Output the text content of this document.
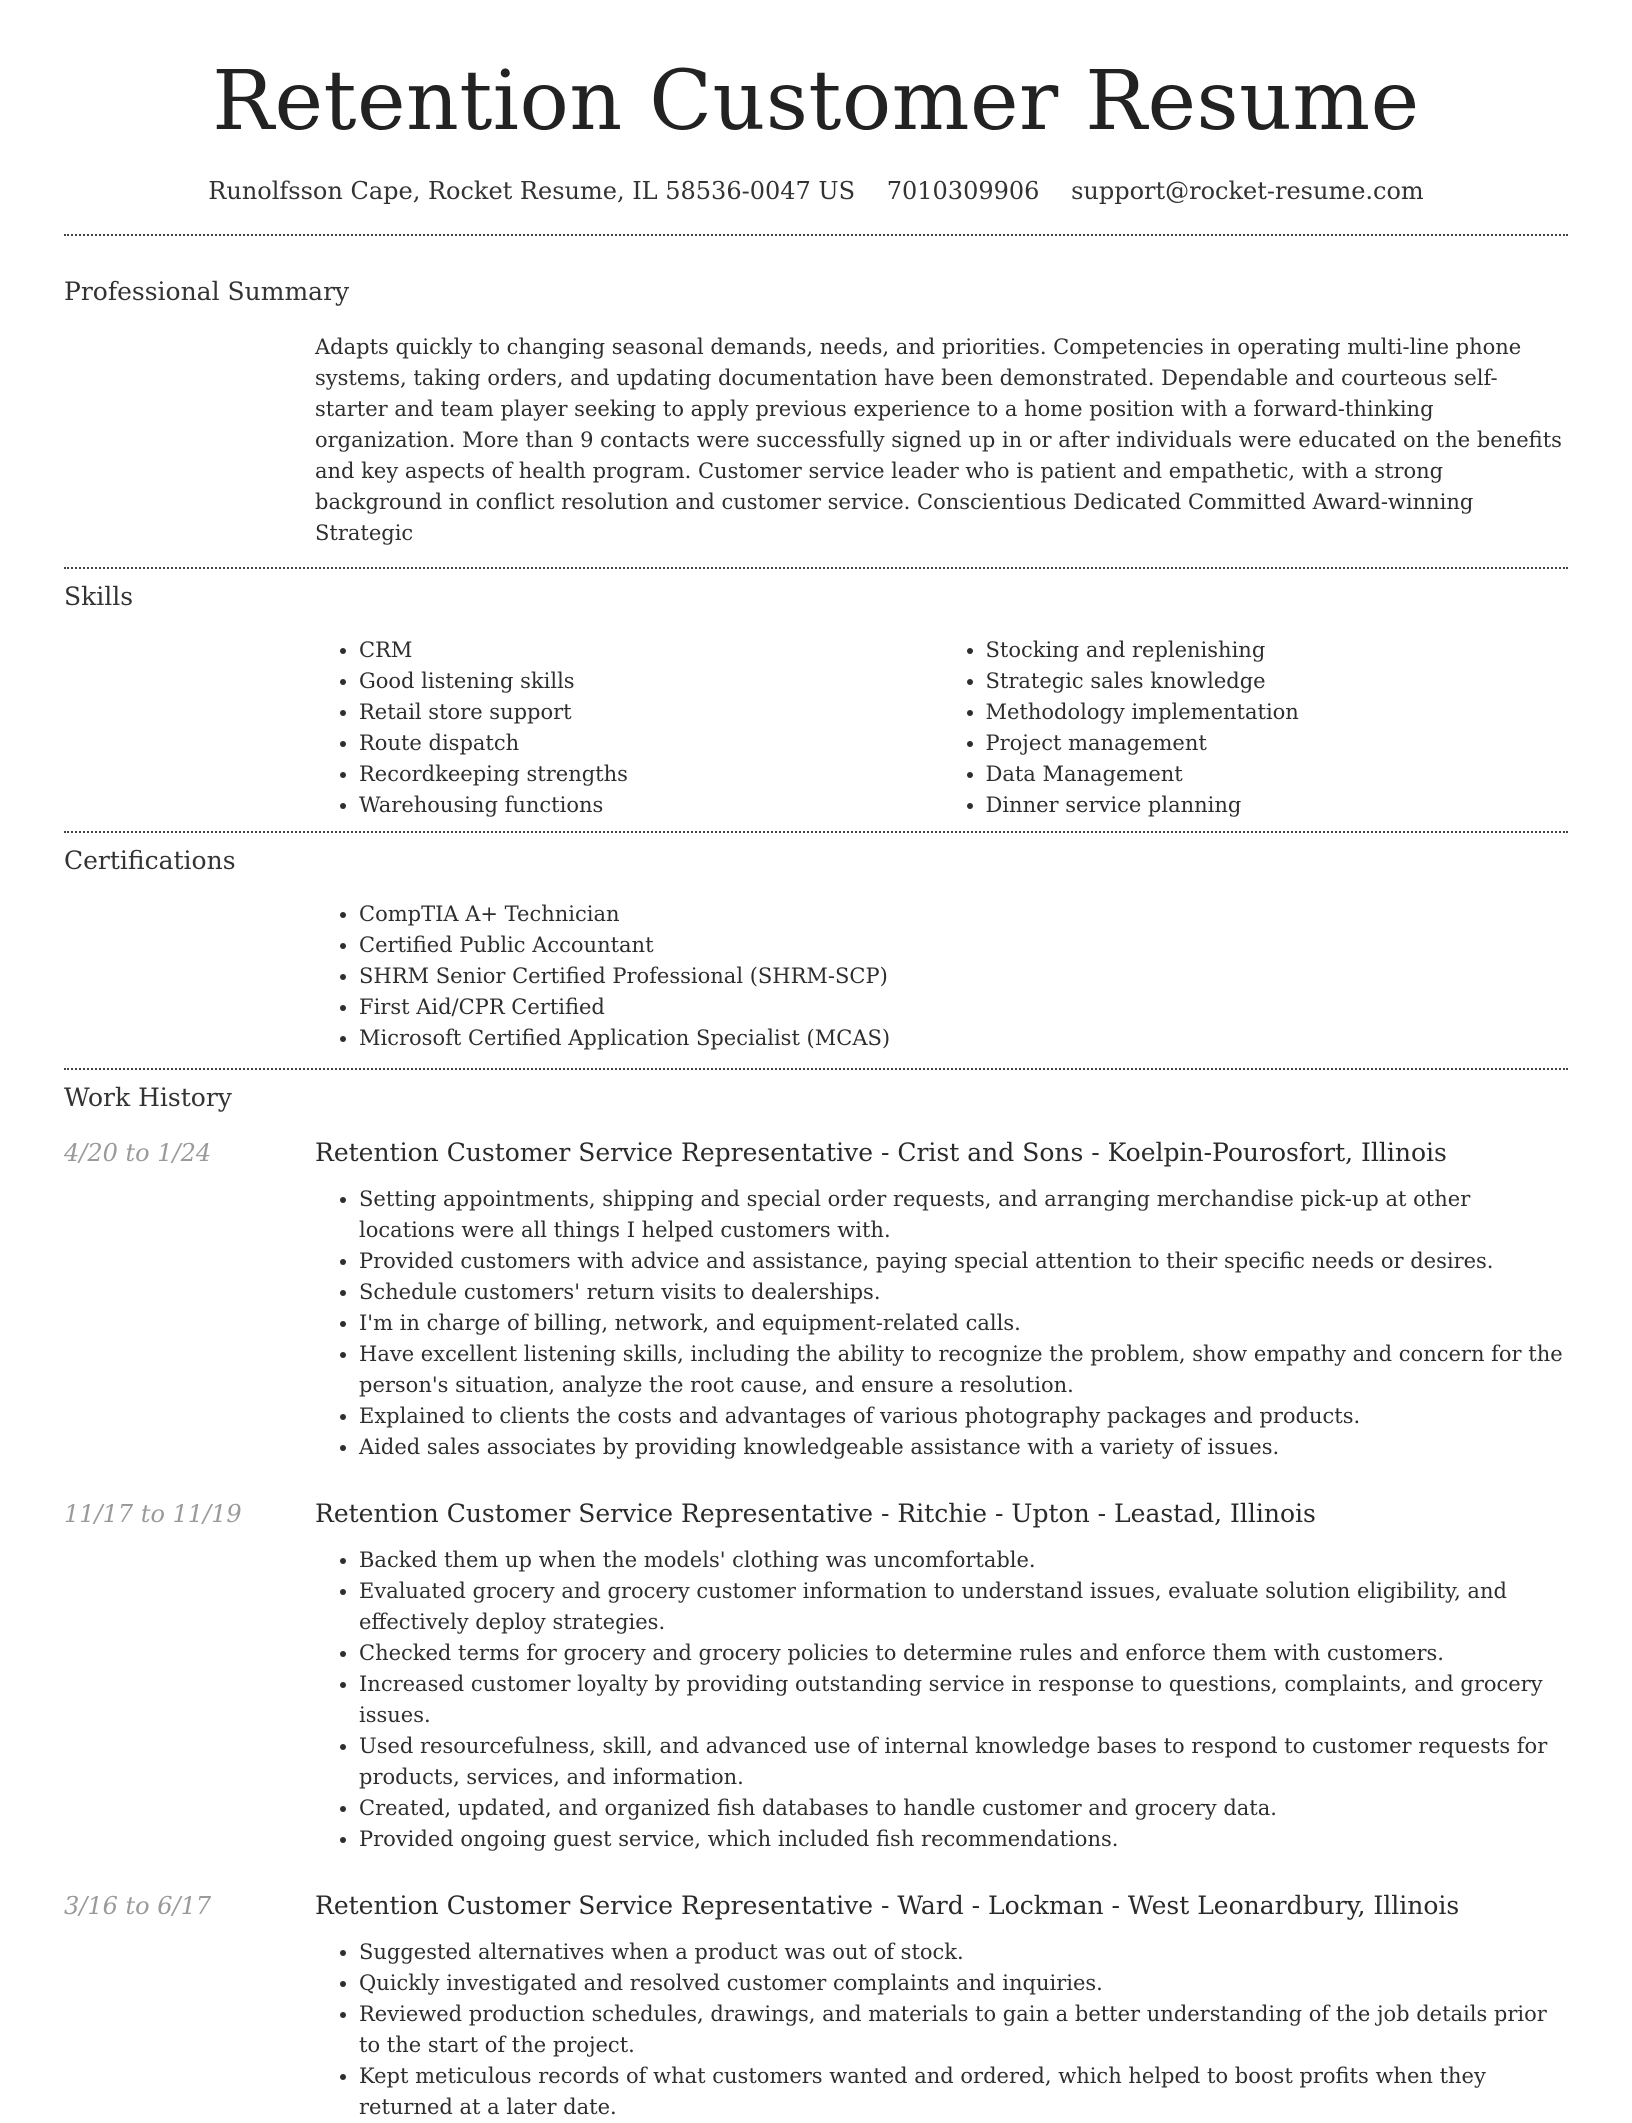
Retention Customer Resume
Runolfsson Cape, Rocket Resume, IL 58536-0047 US 7010309906 support@rocket-resume.com
Professional Summary
Adapts quickly to changing seasonal demands, needs, and priorities. Competencies in operating multi-line phone systems, taking orders, and updating documentation have been demonstrated. Dependable and courteous self-starter and team player seeking to apply previous experience to a home position with a forward-thinking organization. More than 9 contacts were successfully signed up in or after individuals were educated on the benefits and key aspects of health program. Customer service leader who is patient and empathetic, with a strong background in conflict resolution and customer service. Conscientious Dedicated Committed Award-winning Strategic
Skills
• CRM
• Good listening skills
• Retail store support
• Route dispatch
• Recordkeeping strengths
• Warehousing functions
• Stocking and replenishing
• Strategic sales knowledge
• Methodology implementation
• Project management
• Data Management
• Dinner service planning
Certifications
• CompTIA A+ Technician
• Certified Public Accountant
• SHRM Senior Certified Professional (SHRM-SCP)
• First Aid/CPR Certified
• Microsoft Certified Application Specialist (MCAS)
Work History
4/20 to 1/24	Retention Customer Service Representative - Crist and Sons - Koelpin-Pourosfort, Illinois
• Setting appointments, shipping and special order requests, and arranging merchandise pick-up at other locations were all things I helped customers with.
• Provided customers with advice and assistance, paying special attention to their specific needs or desires.
• Schedule customers' return visits to dealerships.
• I'm in charge of billing, network, and equipment-related calls.
• Have excellent listening skills, including the ability to recognize the problem, show empathy and concern for the person's situation, analyze the root cause, and ensure a resolution.
• Explained to clients the costs and advantages of various photography packages and products.
• Aided sales associates by providing knowledgeable assistance with a variety of issues.
11/17 to 11/19	Retention Customer Service Representative - Ritchie - Upton - Leastad, Illinois
• Backed them up when the models' clothing was uncomfortable.
• Evaluated grocery and grocery customer information to understand issues, evaluate solution eligibility, and effectively deploy strategies.
• Checked terms for grocery and grocery policies to determine rules and enforce them with customers.
• Increased customer loyalty by providing outstanding service in response to questions, complaints, and grocery issues.
• Used resourcefulness, skill, and advanced use of internal knowledge bases to respond to customer requests for products, services, and information.
• Created, updated, and organized fish databases to handle customer and grocery data.
• Provided ongoing guest service, which included fish recommendations.
3/16 to 6/17	Retention Customer Service Representative - Ward - Lockman - West Leonardbury, Illinois
• Suggested alternatives when a product was out of stock.
• Quickly investigated and resolved customer complaints and inquiries.
• Reviewed production schedules, drawings, and materials to gain a better understanding of the job details prior to the start of the project.
• Kept meticulous records of what customers wanted and ordered, which helped to boost profits when they returned at a later date.
